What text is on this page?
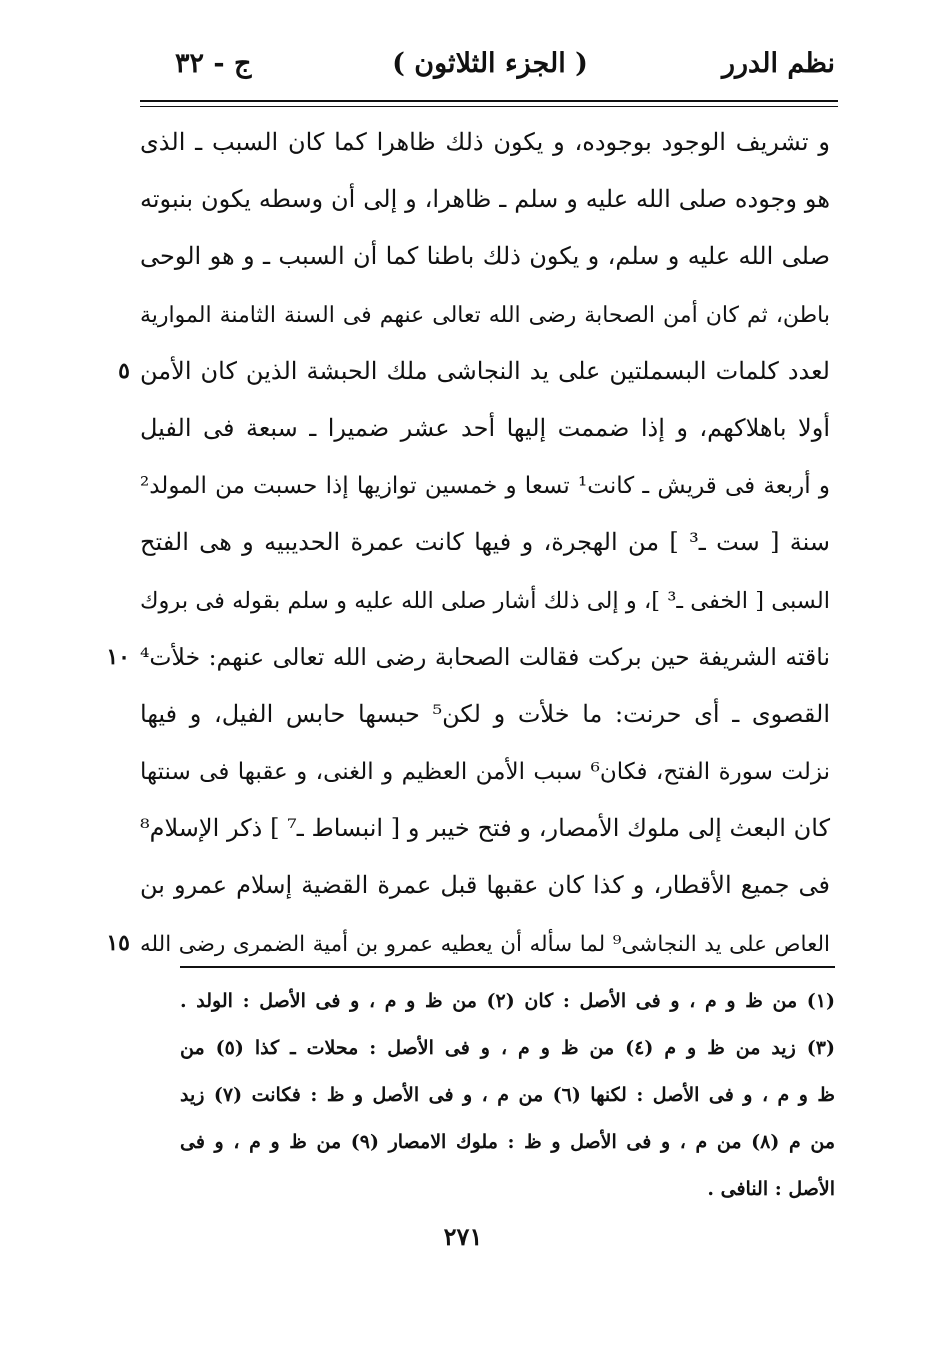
نظم الدرر
( الجزء الثلاثون )
ج - ٣٢
و تشريف الوجود بوجوده، و يكون ذلك ظاهرا كما كان السبب ـ الذى
هو وجوده صلى الله عليه و سلم ـ ظاهرا، و إلى أن وسطه يكون بنبوته
صلى الله عليه و سلم، و يكون ذلك باطنا كما أن السبب ـ و هو الوحى
باطن، ثم كان أمن الصحابة رضى الله تعالى عنهم فى السنة الثامنة الموارية
لعدد كلمات البسملتين على يد النجاشى ملك الحبشة الذين كان الأمن
٥
أولا باهلاكهم، و إذا ضممت إليها أحد عشر ضميرا ـ سبعة فى الفيل
و أربعة فى قريش ـ كانت¹ تسعا و خمسين توازيها إذا حسبت من المولد²
سنة [ ست ـ³ ] من الهجرة، و فيها كانت عمرة الحديبيه و هى الفتح
السبى [ الخفى ـ³ ]، و إلى ذلك أشار صلى الله عليه و سلم بقوله فى بروك
ناقته الشريفة حين بركت فقالت الصحابة رضى الله تعالى عنهم: خلأت⁴
١٠
القصوى ـ أى حرنت: ما خلأت و لكن⁵ حبسها حابس الفيل، و فيها
نزلت سورة الفتح، فكان⁶ سبب الأمن العظيم و الغنى، و عقبها فى سنتها
كان البعث إلى ملوك الأمصار، و فتح خيبر و [ انبساط ـ⁷ ] ذكر الإسلام⁸
فى جميع الأقطار، و كذا كان عقبها قبل عمرة القضية إسلام عمرو بن
العاص على يد النجاشى⁹ لما سأله أن يعطيه عمرو بن أمية الضمرى رضى الله
١٥
(١) من ظ و م ، و فى الأصل : كان (٢) من ظ و م ، و فى الأصل : الولد .
(٣) زيد من ظ و م (٤) من ظ و م ، و فى الأصل : محلات ـ كذا (٥) من
ظ و م ، و فى الأصل : لكنها (٦) من م ، و فى الأصل و ظ : فكانت (٧) زيد
من م (٨) من م ، و فى الأصل و ظ : ملوك الامصار (٩) من ظ و م ، و فى
الأصل : النافى .
٢٧١
